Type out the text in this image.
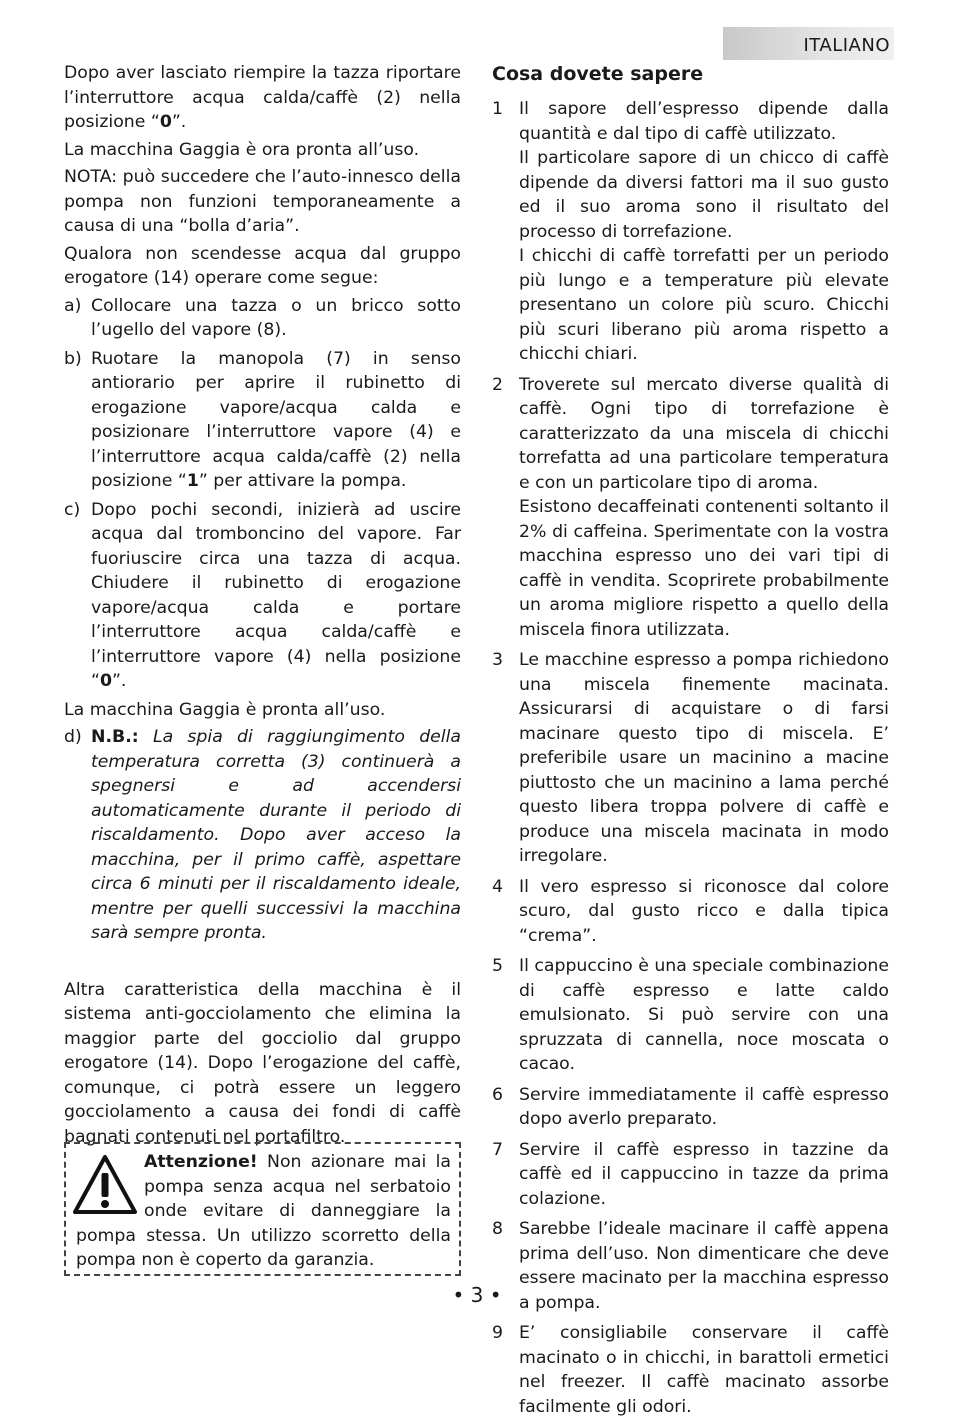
ITALIANO

Dopo aver lasciato riempire la tazza riportare l’interruttore acqua calda/caffè (2) nella posizione “0”.

La macchina Gaggia è ora pronta all’uso.

NOTA: può succedere che l’auto-innesco della pompa non funzioni temporaneamente a causa di una “bolla d’aria”.

Qualora non scendesse acqua dal gruppo erogatore (14) operare come segue:

a) Collocare una tazza o un bricco sotto l’ugello del vapore (8).
b) Ruotare la manopola (7) in senso antiorario per aprire il rubinetto di erogazione vapore/acqua calda e posizionare l’interruttore vapore (4) e l’interruttore acqua calda/caffè (2) nella posizione “1” per attivare la pompa.
c) Dopo pochi secondi, inizierà ad uscire acqua dal tromboncino del vapore. Far fuoriuscire circa una tazza di acqua. Chiudere il rubinetto di erogazione vapore/acqua calda e portare l’interruttore acqua calda/caffè e l’interruttore vapore (4) nella posizione “0”.

La macchina Gaggia è pronta all’uso.

d) N.B.: La spia di raggiungimento della temperatura corretta (3) continuerà a spegnersi e ad accendersi automaticamente durante il periodo di riscaldamento. Dopo aver acceso la macchina, per il primo caffè, aspettare circa 6 minuti per il riscaldamento ideale, mentre per quelli successivi la macchina sarà sempre pronta.

Altra caratteristica della macchina è il sistema anti-gocciolamento che elimina la maggior parte del gocciolio dal gruppo erogatore (14). Dopo l’erogazione del caffè, comunque, ci potrà essere un leggero gocciolamento a causa dei fondi di caffè bagnati contenuti nel portafiltro.

Attenzione! Non azionare mai la pompa senza acqua nel serbatoio onde evitare di danneggiare la pompa stessa. Un utilizzo scorretto della pompa non è coperto da garanzia.
Cosa dovete sapere
1 Il sapore dell’espresso dipende dalla quantità e dal tipo di caffè utilizzato.
Il particolare sapore di un chicco di caffè dipende da diversi fattori ma il suo gusto ed il suo aroma sono il risultato del processo di torrefazione.
I chicchi di caffè torrefatti per un periodo più lungo e a temperature più elevate presentano un colore più scuro. Chicchi più scuri liberano più aroma rispetto a chicchi chiari.
2 Troverete sul mercato diverse qualità di caffè. Ogni tipo di torrefazione è caratterizzato da una miscela di chicchi torrefatta ad una particolare temperatura e con un particolare tipo di aroma.
Esistono decaffeinati contenenti soltanto il 2% di caffeina. Sperimentate con la vostra macchina espresso uno dei vari tipi di caffè in vendita. Scoprirete probabilmente un aroma migliore rispetto a quello della miscela finora utilizzata.
3 Le macchine espresso a pompa richiedono una miscela finemente macinata. Assicurarsi di acquistare o di farsi macinare questo tipo di miscela. E’ preferibile usare un macinino a macine piuttosto che un macinino a lama perché questo libera troppa polvere di caffè e produce una miscela macinata in modo irregolare.
4 Il vero espresso si riconosce dal colore scuro, dal gusto ricco e dalla tipica “crema”.
5 Il cappuccino è una speciale combinazione di caffè espresso e latte caldo emulsionato. Si può servire con una spruzzata di cannella, noce moscata o cacao.
6 Servire immediatamente il caffè espresso dopo averlo preparato.
7 Servire il caffè espresso in tazzine da caffè ed il cappuccino in tazze da prima colazione.
8 Sarebbe l’ideale macinare il caffè appena prima dell’uso. Non dimenticare che deve essere macinato per la macchina espresso a pompa.
9 E’ consigliabile conservare il caffè macinato o in chicchi, in barattoli ermetici nel freezer. Il caffè macinato assorbe facilmente gli odori.
• 3 •
